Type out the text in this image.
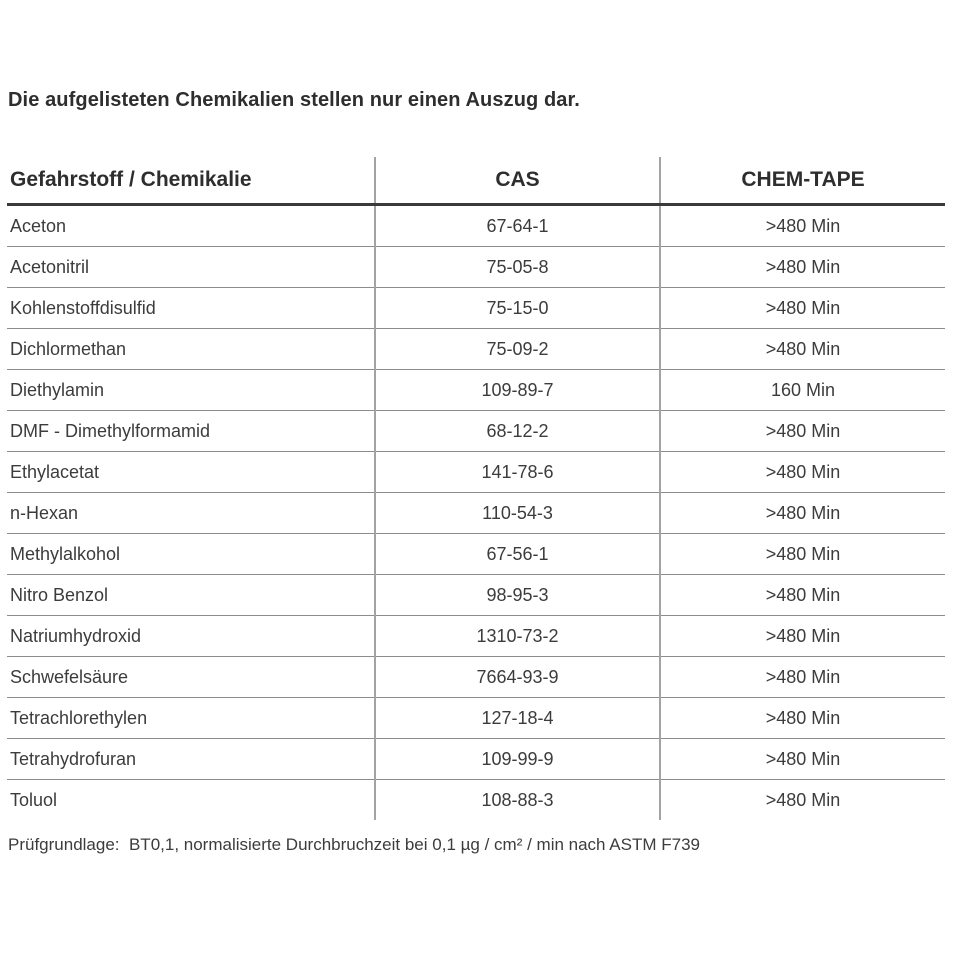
Die aufgelisteten Chemikalien stellen nur einen Auszug dar.
Gefahrstoff / Chemikalie	CAS	CHEM-TAPE
Aceton	67-64-1	>480 Min
Acetonitril	75-05-8	>480 Min
Kohlenstoffdisulfid	75-15-0	>480 Min
Dichlormethan	75-09-2	>480 Min
Diethylamin	109-89-7	160 Min
DMF - Dimethylformamid	68-12-2	>480 Min
Ethylacetat	141-78-6	>480 Min
n-Hexan	110-54-3	>480 Min
Methylalkohol	67-56-1	>480 Min
Nitro Benzol	98-95-3	>480 Min
Natriumhydroxid	1310-73-2	>480 Min
Schwefelsäure	7664-93-9	>480 Min
Tetrachlorethylen	127-18-4	>480 Min
Tetrahydrofuran	109-99-9	>480 Min
Toluol	108-88-3	>480 Min
Prüfgrundlage:  BT0,1, normalisierte Durchbruchzeit bei 0,1 µg / cm² / min nach ASTM F739
